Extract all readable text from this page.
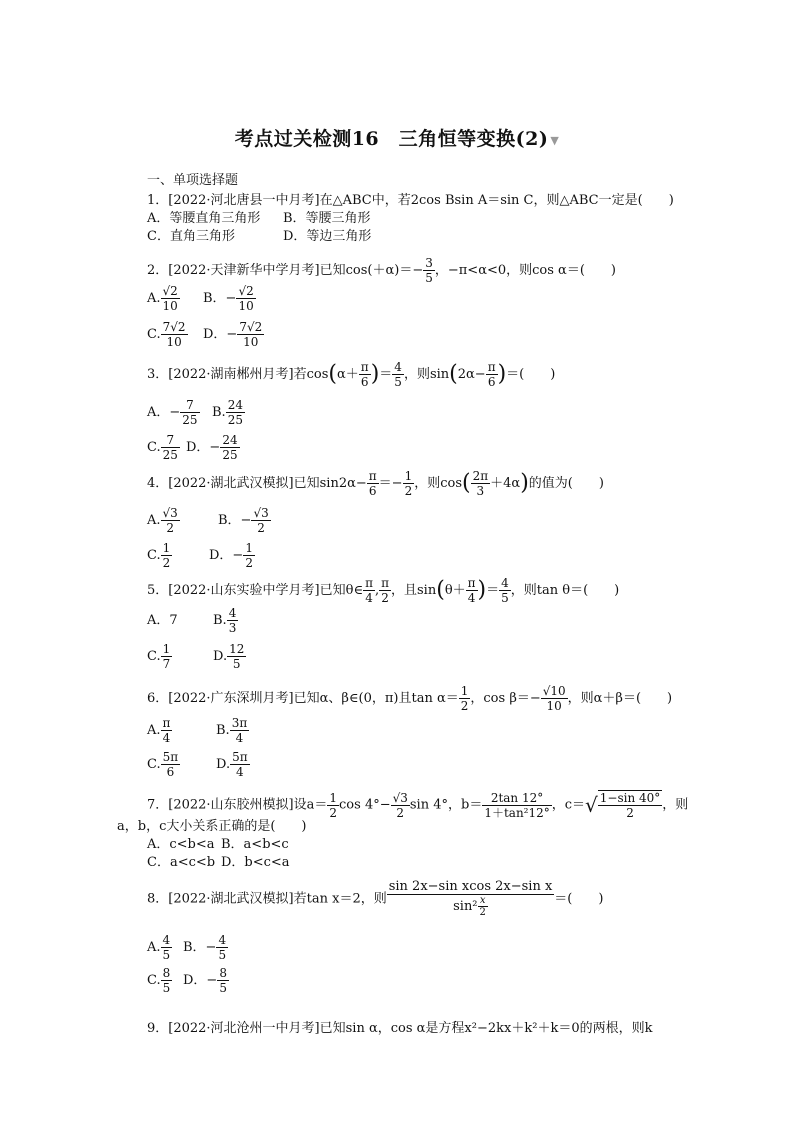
考点过关检测16　三角恒等变换(2) ▼
一、单项选择题
1．[2022·河北唐县一中月考]在△ABC中，若2cos Bsin A＝sin C，则△ABC一定是(　　)
A．等腰直角三角形 B．等腰三角形
C．直角三角形	D．等边三角形
2．[2022·天津新华中学月考]已知$\cos(+\alpha)=- \frac{3}{5}$ ，−π<α<0，则cos α＝(　　)
A. $\frac{√2}{10}$ B．− $\frac{√2}{10}$
C. $\frac{7√2}{10}$ D．− $\frac{7√2}{10}$
3．[2022·湖南郴州月考]若$\cos(\alpha+ \frac{\pi}{6}$ )＝ $\frac{4}{5}$ ，则$\sin(2\alpha- \frac{\pi}{6}$ )＝(　　)
A．− $\frac{7}{25} B$. $\frac{24}{25}$
C. $\frac{7}{25}$ D．− $\frac{24}{25}$
4．[2022·湖北武汉模拟]已知$\sin 2\alpha- \frac{\pi}{6} =- \frac{1}{2}$ ，则$\cos( \frac{2\pi}{3} +4\alpha)$的值为(　　)
A. $\frac{√3}{2}$	B．− $\frac{√3}{2}$
C. $\frac{1}{2}$	D．− $\frac{1}{2}$
5．[2022·山东实验中学月考]已知θ∈ $\frac{\pi}{4}$ , $\frac{\pi}{2}$ ，且$\sin(\theta+ \frac{\pi}{4}$ )＝ $\frac{4}{5}$ ，则tan θ＝(　　)
A．7	B. $\frac{4}{3}$
C. $\frac{1}{7}$	D. $\frac{12}{5}$
6．[2022·广东深圳月考]已知α、β∈(0，π)且$\tan \alpha= \frac{1}{2}$ ，$\cos \beta=- \frac{√10}{10}$ ，则α＋β＝(　　)
A. $\frac{\pi}{4}$	B. $\frac{3\pi}{4}$
C. $\frac{5\pi}{6}$	D. $\frac{5\pi}{4}$
7．[2022·山东胶州模拟]设$a= \frac{1}{2}$ $\cos 4^\circ- \frac{√3}{2}$ sin 4°，$b= \frac{2\tan 12^\circ}{\text{1＋tan²12°}}$ ，$c=√ \frac{1-\sin 40^\circ}{2}$ ，则
a，b，c大小关系正确的是(　　)
A．c<b<a B．a<b<c
C．a<c<b D．b<c<a
8．[2022·湖北武汉模拟]若tan x＝2，则 $\frac{\text{sin 2x−sin xcos 2x−sin x}}{\sin^2 \frac{x}{2}}$ ＝(　　)
A. $\frac{4}{5}$ B．− $\frac{4}{5}$
C. $\frac{8}{5}$ D．− $\frac{8}{5}$
9．[2022·河北沧州一中月考]已知sin α，cos α是方程x²−2kx＋k²＋k＝0的两根，则k
